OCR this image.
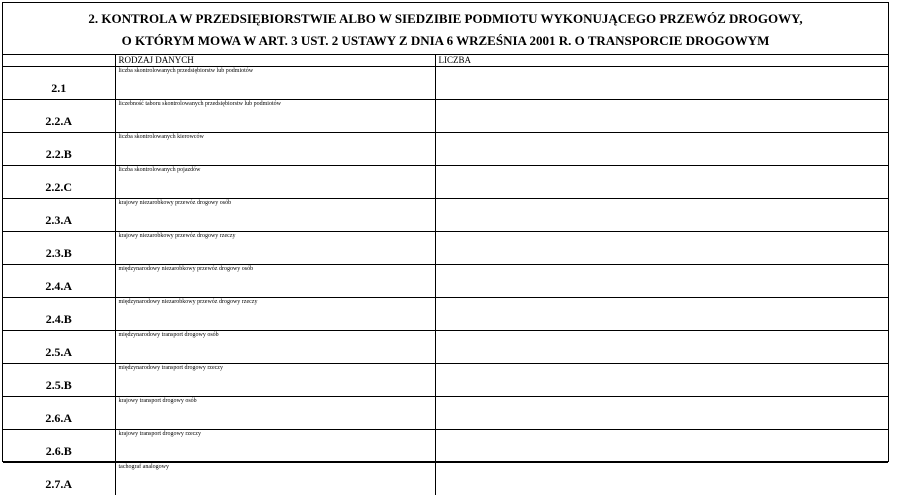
2. KONTROLA W PRZEDSIĘBIORSTWIE ALBO W SIEDZIBIE PODMIOTU WYKONUJĄCEGO PRZEWÓZ DROGOWY,
O KTÓRYM MOWA W ART. 3 UST. 2 USTAWY Z DNIA 6 WRZEŚNIA 2001 R. O TRANSPORCIE DROGOWYM
	RODZAJ DANYCH	LICZBA
2.1	liczba skontrolowanych przedsiębiorstw lub podmiotów	
2.2.A	liczebność taboru skontrolowanych przedsiębiorstw lub podmiotów	
2.2.B	liczba skontrolowanych kierowców	
2.2.C	liczba skontrolowanych pojazdów	
2.3.A	krajowy niezarobkowy przewóz drogowy osób	
2.3.B	krajowy niezarobkowy przewóz drogowy rzeczy	
2.4.A	międzynarodowy niezarobkowy przewóz drogowy osób	
2.4.B	międzynarodowy niezarobkowy przewóz drogowy rzeczy	
2.5.A	międzynarodowy transport drogowy osób	
2.5.B	międzynarodowy transport drogowy rzeczy	
2.6.A	krajowy transport drogowy osób	
2.6.B	krajowy transport drogowy rzeczy	
2.7.A	tachograf analogowy	
